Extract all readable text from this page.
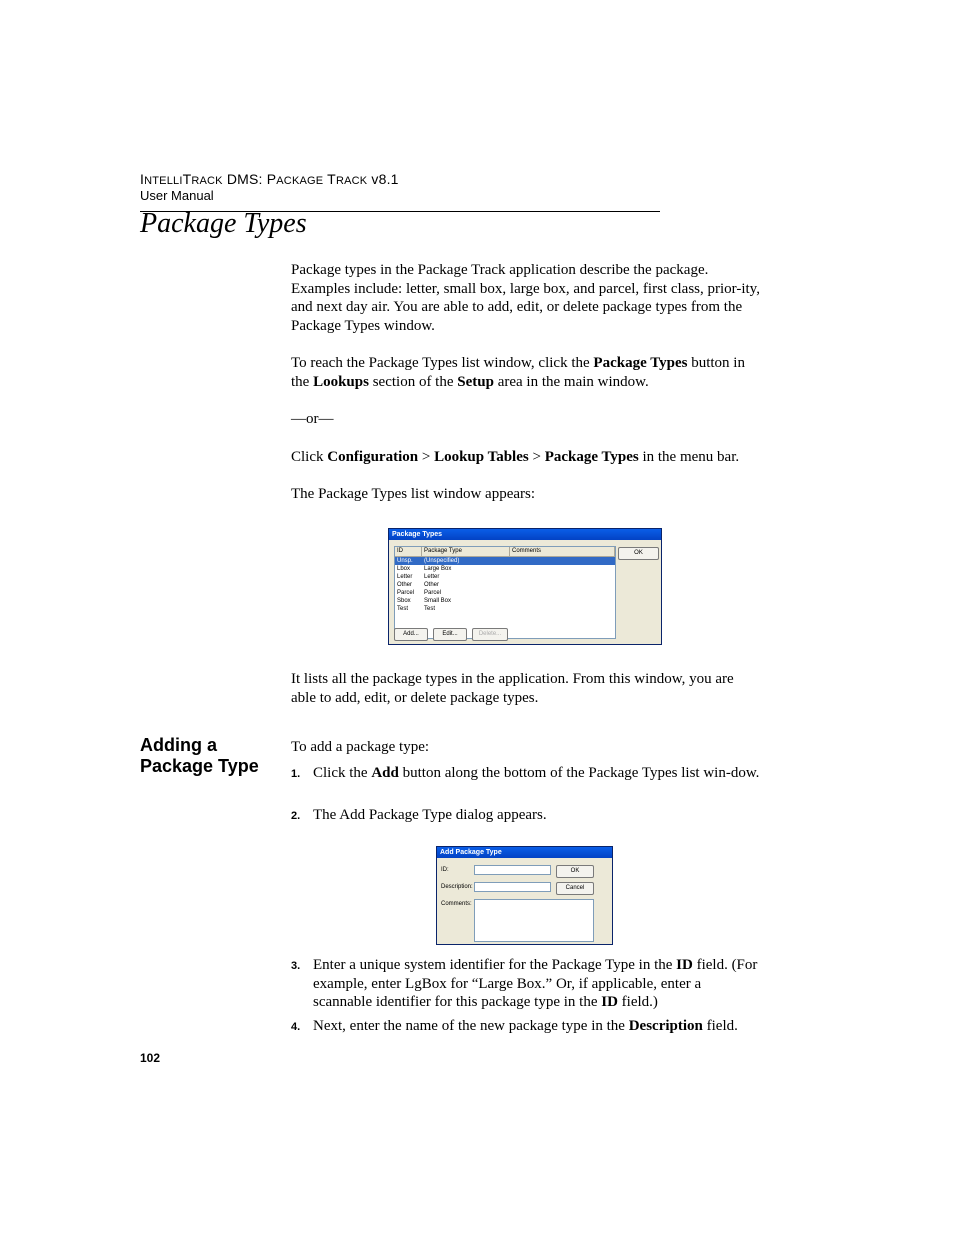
INTELLITRACK DMS: PACKAGE TRACK v8.1
User Manual
Package Types

Package types in the Package Track application describe the package. Examples include: letter, small box, large box, and parcel, first class, prior-ity, and next day air. You are able to add, edit, or delete package types from the Package Types window.

To reach the Package Types list window, click the Package Types button in the Lookups section of the Setup area in the main window.

—or—

Click Configuration > Lookup Tables > Package Types in the menu bar.

The Package Types list window appears:

Package Types
ID	Package Type	Comments
Unsp.	(Unspecified)
Lbox	Large Box
Letter	Letter
Other	Other
Parcel	Parcel
Sbox	Small Box
Test	Test
OK
Add...	Edit...	Delete...

It lists all the package types in the application. From this window, you are able to add, edit, or delete package types.

Adding a Package Type

To add a package type:

1. Click the Add button along the bottom of the Package Types list win-dow.
2. The Add Package Type dialog appears.
Add Package Type
ID:
Description:
Comments:
OK
Cancel
3. Enter a unique system identifier for the Package Type in the ID field. (For example, enter LgBox for “Large Box.” Or, if applicable, enter a scannable identifier for this package type in the ID field.)
4. Next, enter the name of the new package type in the Description field.
102
